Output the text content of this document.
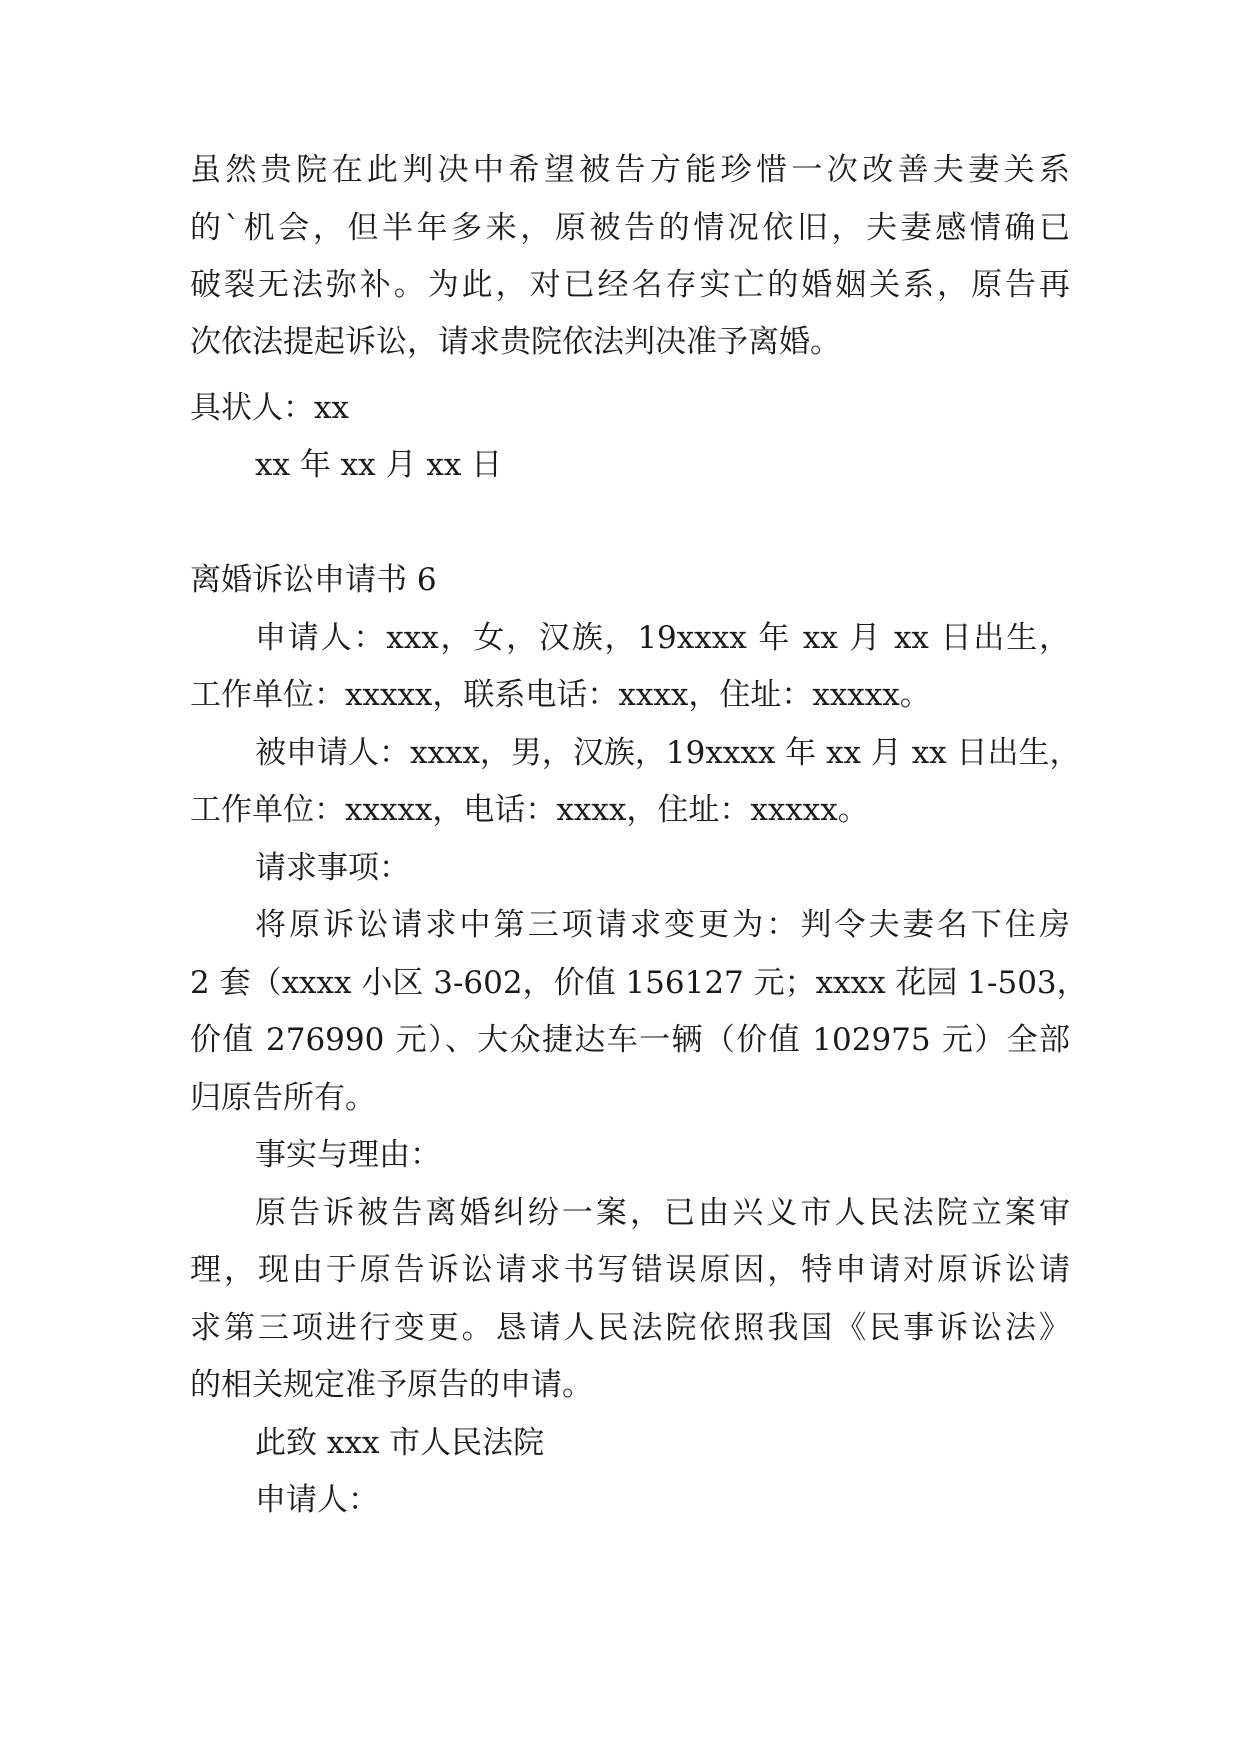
虽然贵院在此判决中希望被告方能珍惜一次改善夫妻关系
的`机会，但半年多来，原被告的情况依旧，夫妻感情确已
破裂无法弥补。为此，对已经名存实亡的婚姻关系，原告再
次依法提起诉讼，请求贵院依法判决准予离婚。
具状人：xx
xx 年 xx 月 xx 日
离婚诉讼申请书 6
申请人：xxx，女，汉族，19xxxx 年 xx 月 xx 日出生，
工作单位：xxxxx，联系电话：xxxx，住址：xxxxx。
被申请人：xxxx，男，汉族，19xxxx 年 xx 月 xx 日出生，
工作单位：xxxxx，电话：xxxx，住址：xxxxx。
请求事项：
将原诉讼请求中第三项请求变更为：判令夫妻名下住房
2 套（xxxx 小区 3-602，价值 156127 元；xxxx 花园 1-503，
价值 276990 元）、大众捷达车一辆（价值 102975 元）全部
归原告所有。
事实与理由：
原告诉被告离婚纠纷一案，已由兴义市人民法院立案审
理，现由于原告诉讼请求书写错误原因，特申请对原诉讼请
求第三项进行变更。恳请人民法院依照我国《民事诉讼法》
的相关规定准予原告的申请。
此致 xxx 市人民法院
申请人：
